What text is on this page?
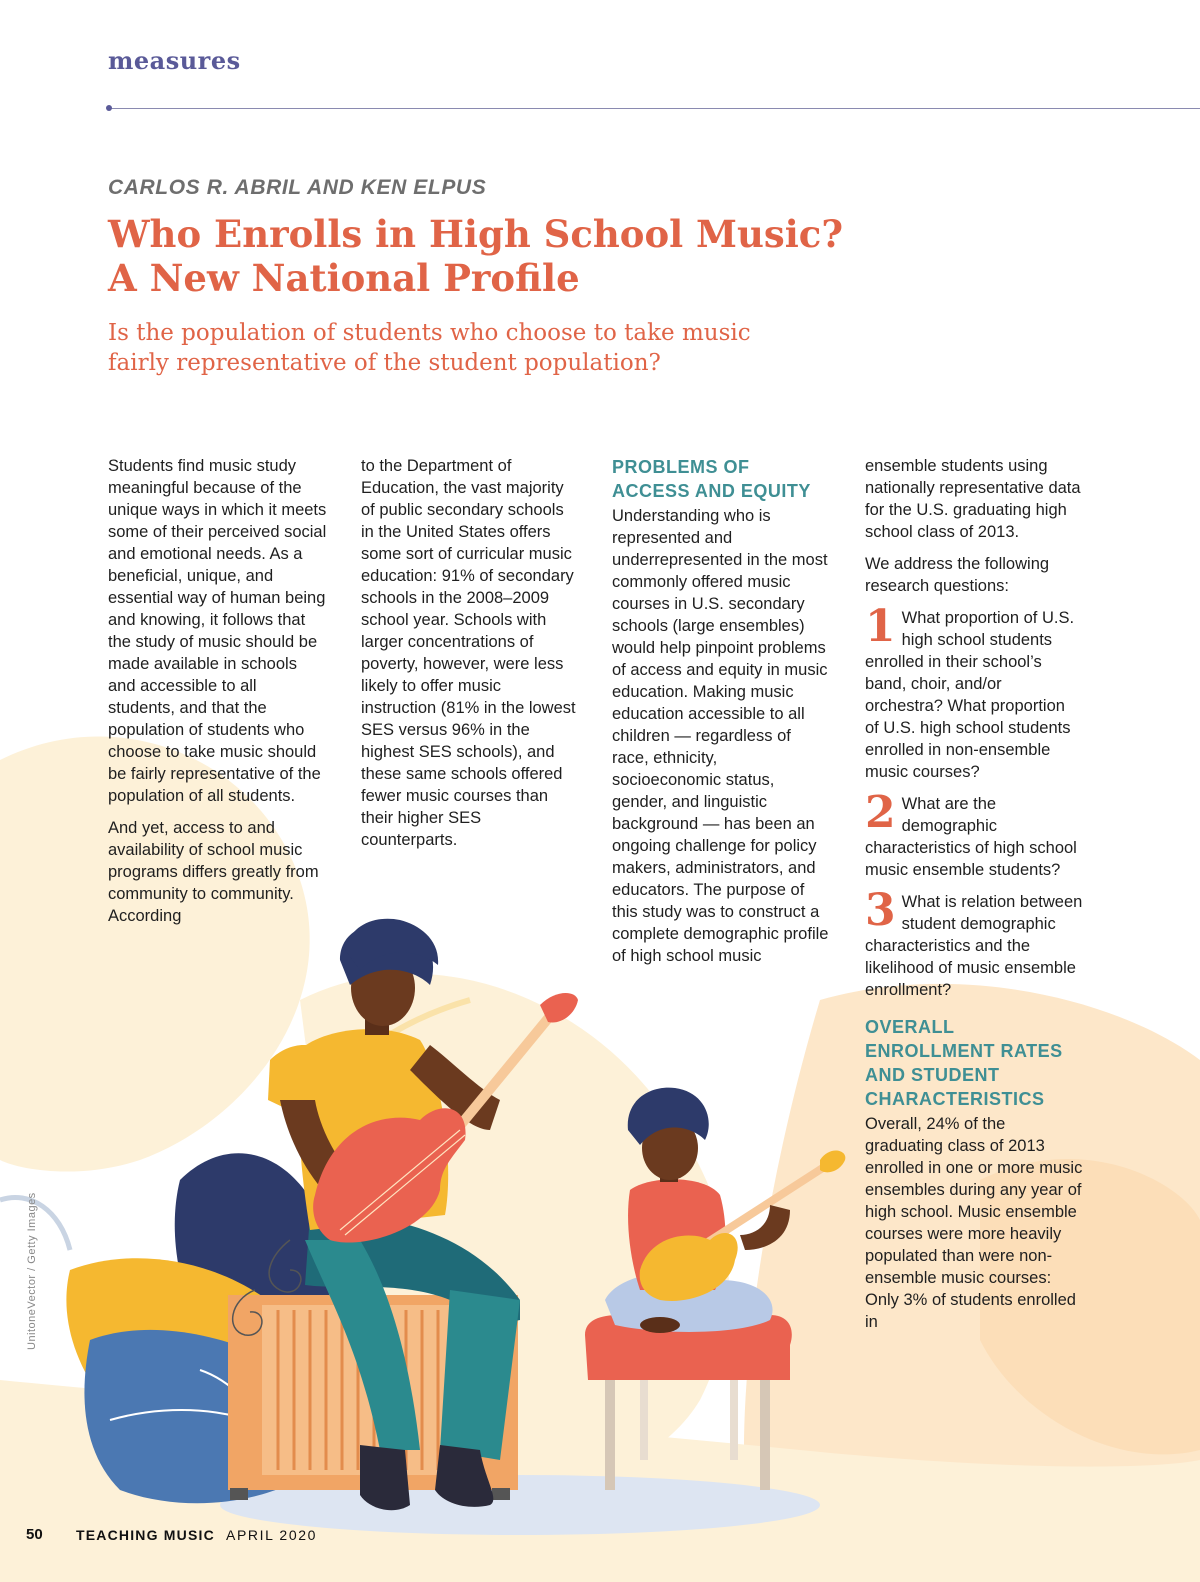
measures
CARLOS R. ABRIL AND KEN ELPUS
Who Enrolls in High School Music?
A New National Profile

Is the population of students who choose to take music
fairly representative of the student population?

Students find music study meaningful because of the unique ways in which it meets some of their perceived social and emotional needs. As a beneficial, unique, and essential way of human being and knowing, it follows that the study of music should be made available in schools and accessible to all students, and that the population of students who choose to take music should be fairly representative of the population of all students.

And yet, access to and availability of school music programs differs greatly from community to community. According

to the Department of Education, the vast majority of public secondary schools in the United States offers some sort of curricular music education: 91% of secondary schools in the 2008–2009 school year. Schools with larger concentrations of poverty, however, were less likely to offer music instruction (81% in the lowest SES versus 96% in the highest SES schools), and these same schools offered fewer music courses than their higher SES counterparts.

PROBLEMS OF ACCESS AND EQUITY

Understanding who is represented and underrepresented in the most commonly offered music courses in U.S. secondary schools (large ensembles) would help pinpoint problems of access and equity in music education. Making music education accessible to all children — regardless of race, ethnicity, socioeconomic status, gender, and linguistic background — has been an ongoing challenge for policy makers, administrators, and educators. The purpose of this study was to construct a complete demographic profile of high school music

ensemble students using nationally representative data for the U.S. graduating high school class of 2013.

We address the following research questions:

1 What proportion of U.S. high school students enrolled in their school’s band, choir, and/or orchestra? What proportion of U.S. high school students enrolled in non-ensemble music courses?
2 What are the demographic characteristics of high school music ensemble students?
3 What is relation between student demographic characteristics and the likelihood of music ensemble enrollment?
OVERALL ENROLLMENT RATES AND STUDENT CHARACTERISTICS

Overall, 24% of the graduating class of 2013 enrolled in one or more music ensembles during any year of high school. Music ensemble courses were more heavily populated than were non-ensemble music courses: Only 3% of students enrolled in

UnitoneVector / Getty Images
50 TEACHING MUSIC APRIL 2020
